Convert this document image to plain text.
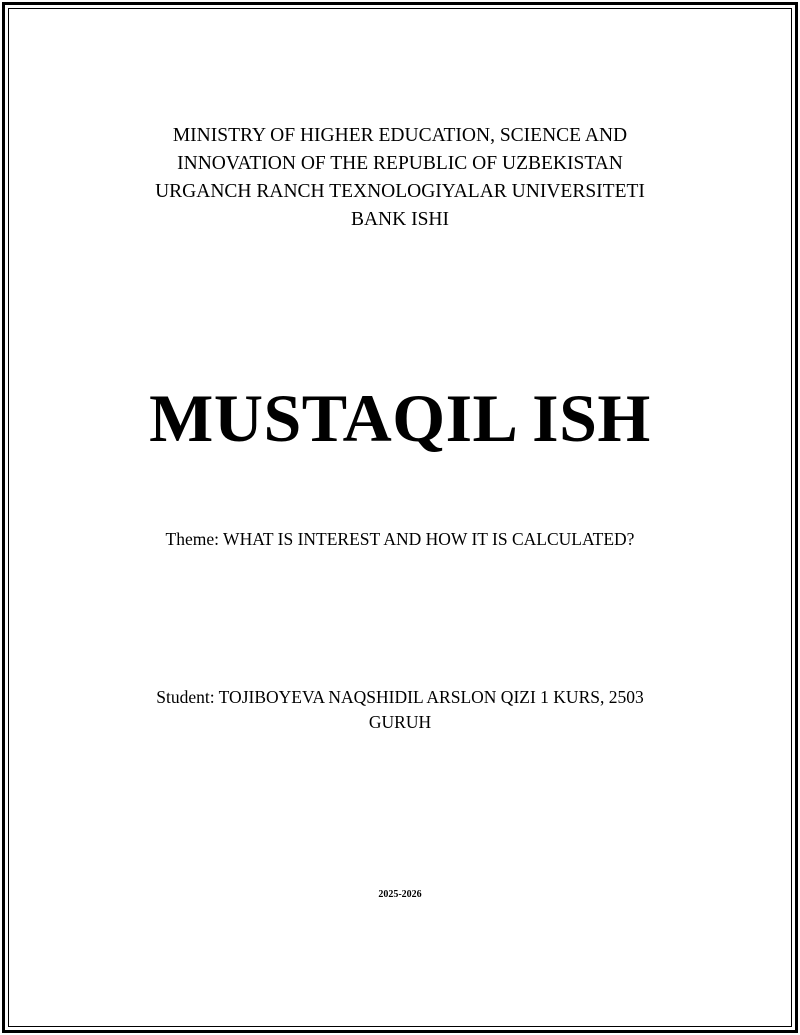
MINISTRY OF HIGHER EDUCATION, SCIENCE AND
INNOVATION OF THE REPUBLIC OF UZBEKISTAN
URGANCH RANCH TEXNOLOGIYALAR UNIVERSITETI
BANK ISHI
MUSTAQIL ISH
Theme: WHAT IS INTEREST AND HOW IT IS CALCULATED?
Student: TOJIBOYEVA NAQSHIDIL ARSLON QIZI 1 KURS, 2503 GURUH
2025-2026
